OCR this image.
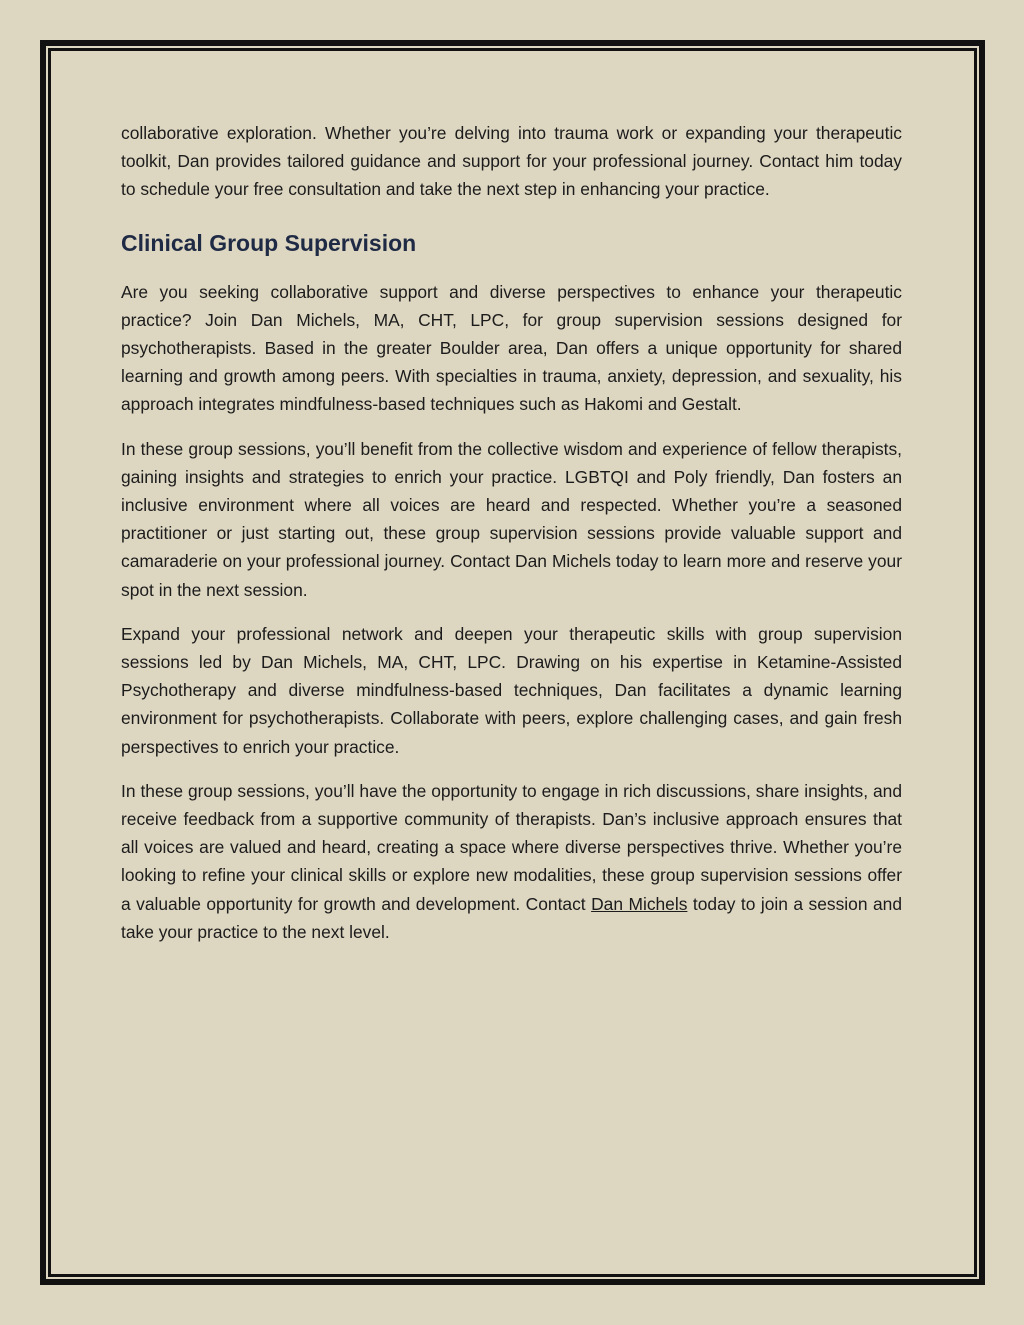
collaborative exploration. Whether you’re delving into trauma work or expanding your therapeutic toolkit, Dan provides tailored guidance and support for your professional journey. Contact him today to schedule your free consultation and take the next step in enhancing your practice.

Clinical Group Supervision

Are you seeking collaborative support and diverse perspectives to enhance your therapeutic practice? Join Dan Michels, MA, CHT, LPC, for group supervision sessions designed for psychotherapists. Based in the greater Boulder area, Dan offers a unique opportunity for shared learning and growth among peers. With specialties in trauma, anxiety, depression, and sexuality, his approach integrates mindfulness-based techniques such as Hakomi and Gestalt.

In these group sessions, you’ll benefit from the collective wisdom and experience of fellow therapists, gaining insights and strategies to enrich your practice. LGBTQI and Poly friendly, Dan fosters an inclusive environment where all voices are heard and respected. Whether you’re a seasoned practitioner or just starting out, these group supervision sessions provide valuable support and camaraderie on your professional journey. Contact Dan Michels today to learn more and reserve your spot in the next session.

Expand your professional network and deepen your therapeutic skills with group supervision sessions led by Dan Michels, MA, CHT, LPC. Drawing on his expertise in Ketamine-Assisted Psychotherapy and diverse mindfulness-based techniques, Dan facilitates a dynamic learning environment for psychotherapists. Collaborate with peers, explore challenging cases, and gain fresh perspectives to enrich your practice.

In these group sessions, you’ll have the opportunity to engage in rich discussions, share insights, and receive feedback from a supportive community of therapists. Dan’s inclusive approach ensures that all voices are valued and heard, creating a space where diverse perspectives thrive. Whether you’re looking to refine your clinical skills or explore new modalities, these group supervision sessions offer a valuable opportunity for growth and development. Contact Dan Michels today to join a session and take your practice to the next level.
